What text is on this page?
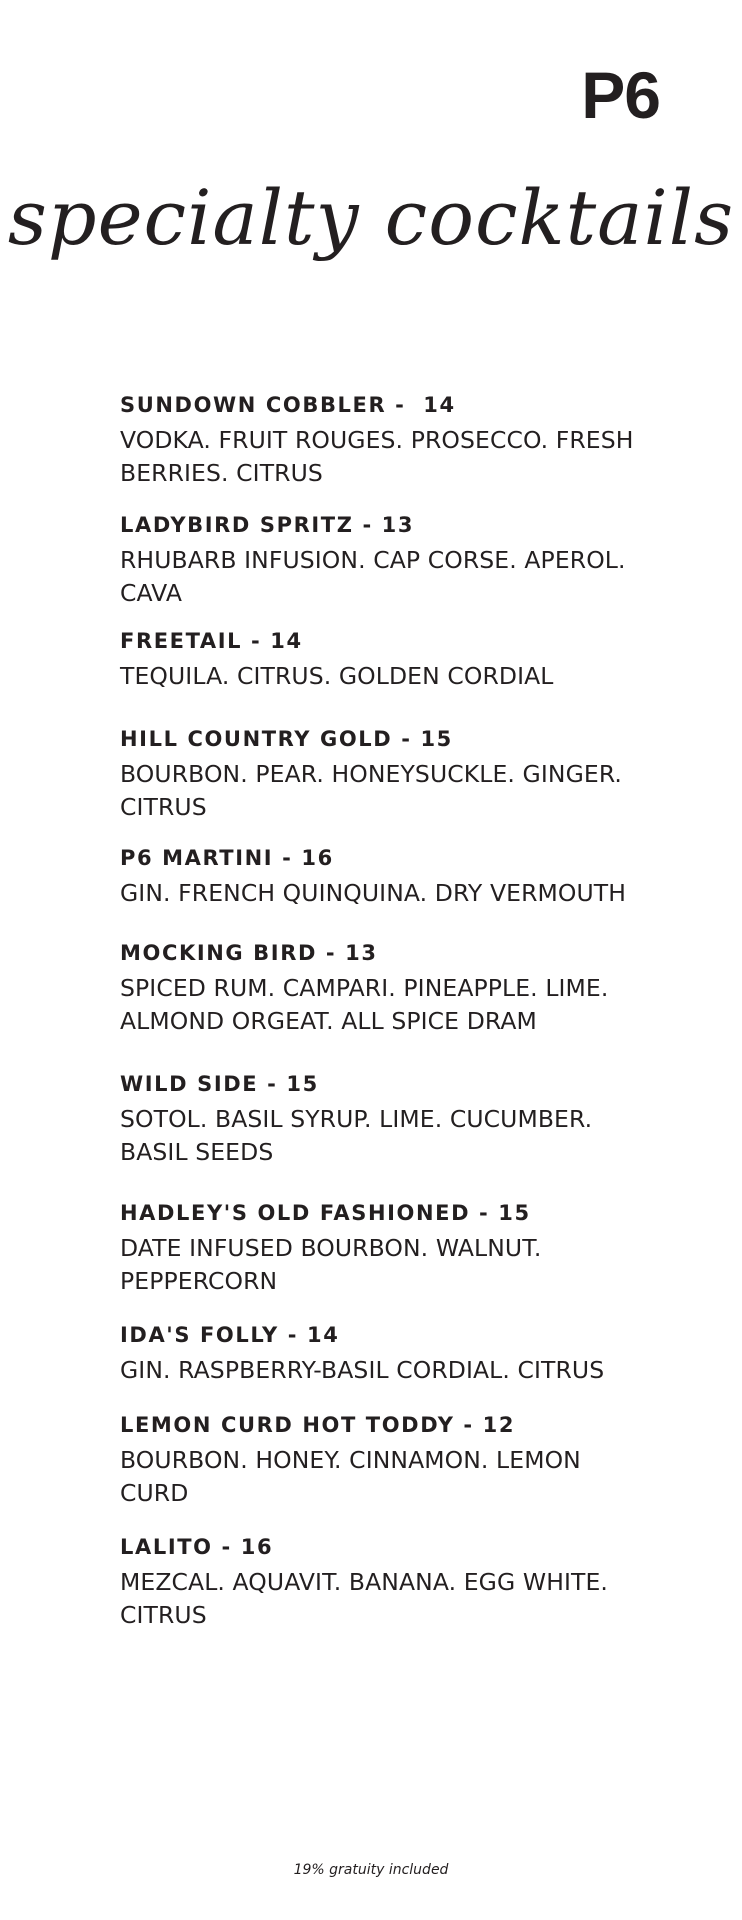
P6
specialty cocktails
SUNDOWN COBBLER -  14
VODKA. FRUIT ROUGES. PROSECCO. FRESH BERRIES. CITRUS
LADYBIRD SPRITZ - 13
RHUBARB INFUSION. CAP CORSE. APEROL. CAVA
FREETAIL - 14
TEQUILA. CITRUS. GOLDEN CORDIAL
HILL COUNTRY GOLD - 15
BOURBON. PEAR. HONEYSUCKLE. GINGER. CITRUS
P6 MARTINI - 16
GIN. FRENCH QUINQUINA. DRY VERMOUTH
MOCKING BIRD - 13
SPICED RUM. CAMPARI. PINEAPPLE. LIME. ALMOND ORGEAT. ALL SPICE DRAM
WILD SIDE - 15
SOTOL. BASIL SYRUP. LIME. CUCUMBER. BASIL SEEDS
HADLEY'S OLD FASHIONED - 15
DATE INFUSED BOURBON. WALNUT. PEPPERCORN
IDA'S FOLLY - 14
GIN. RASPBERRY-BASIL CORDIAL. CITRUS
LEMON CURD HOT TODDY - 12
BOURBON. HONEY. CINNAMON. LEMON CURD
LALITO - 16
MEZCAL. AQUAVIT. BANANA. EGG WHITE. CITRUS
19% gratuity included
